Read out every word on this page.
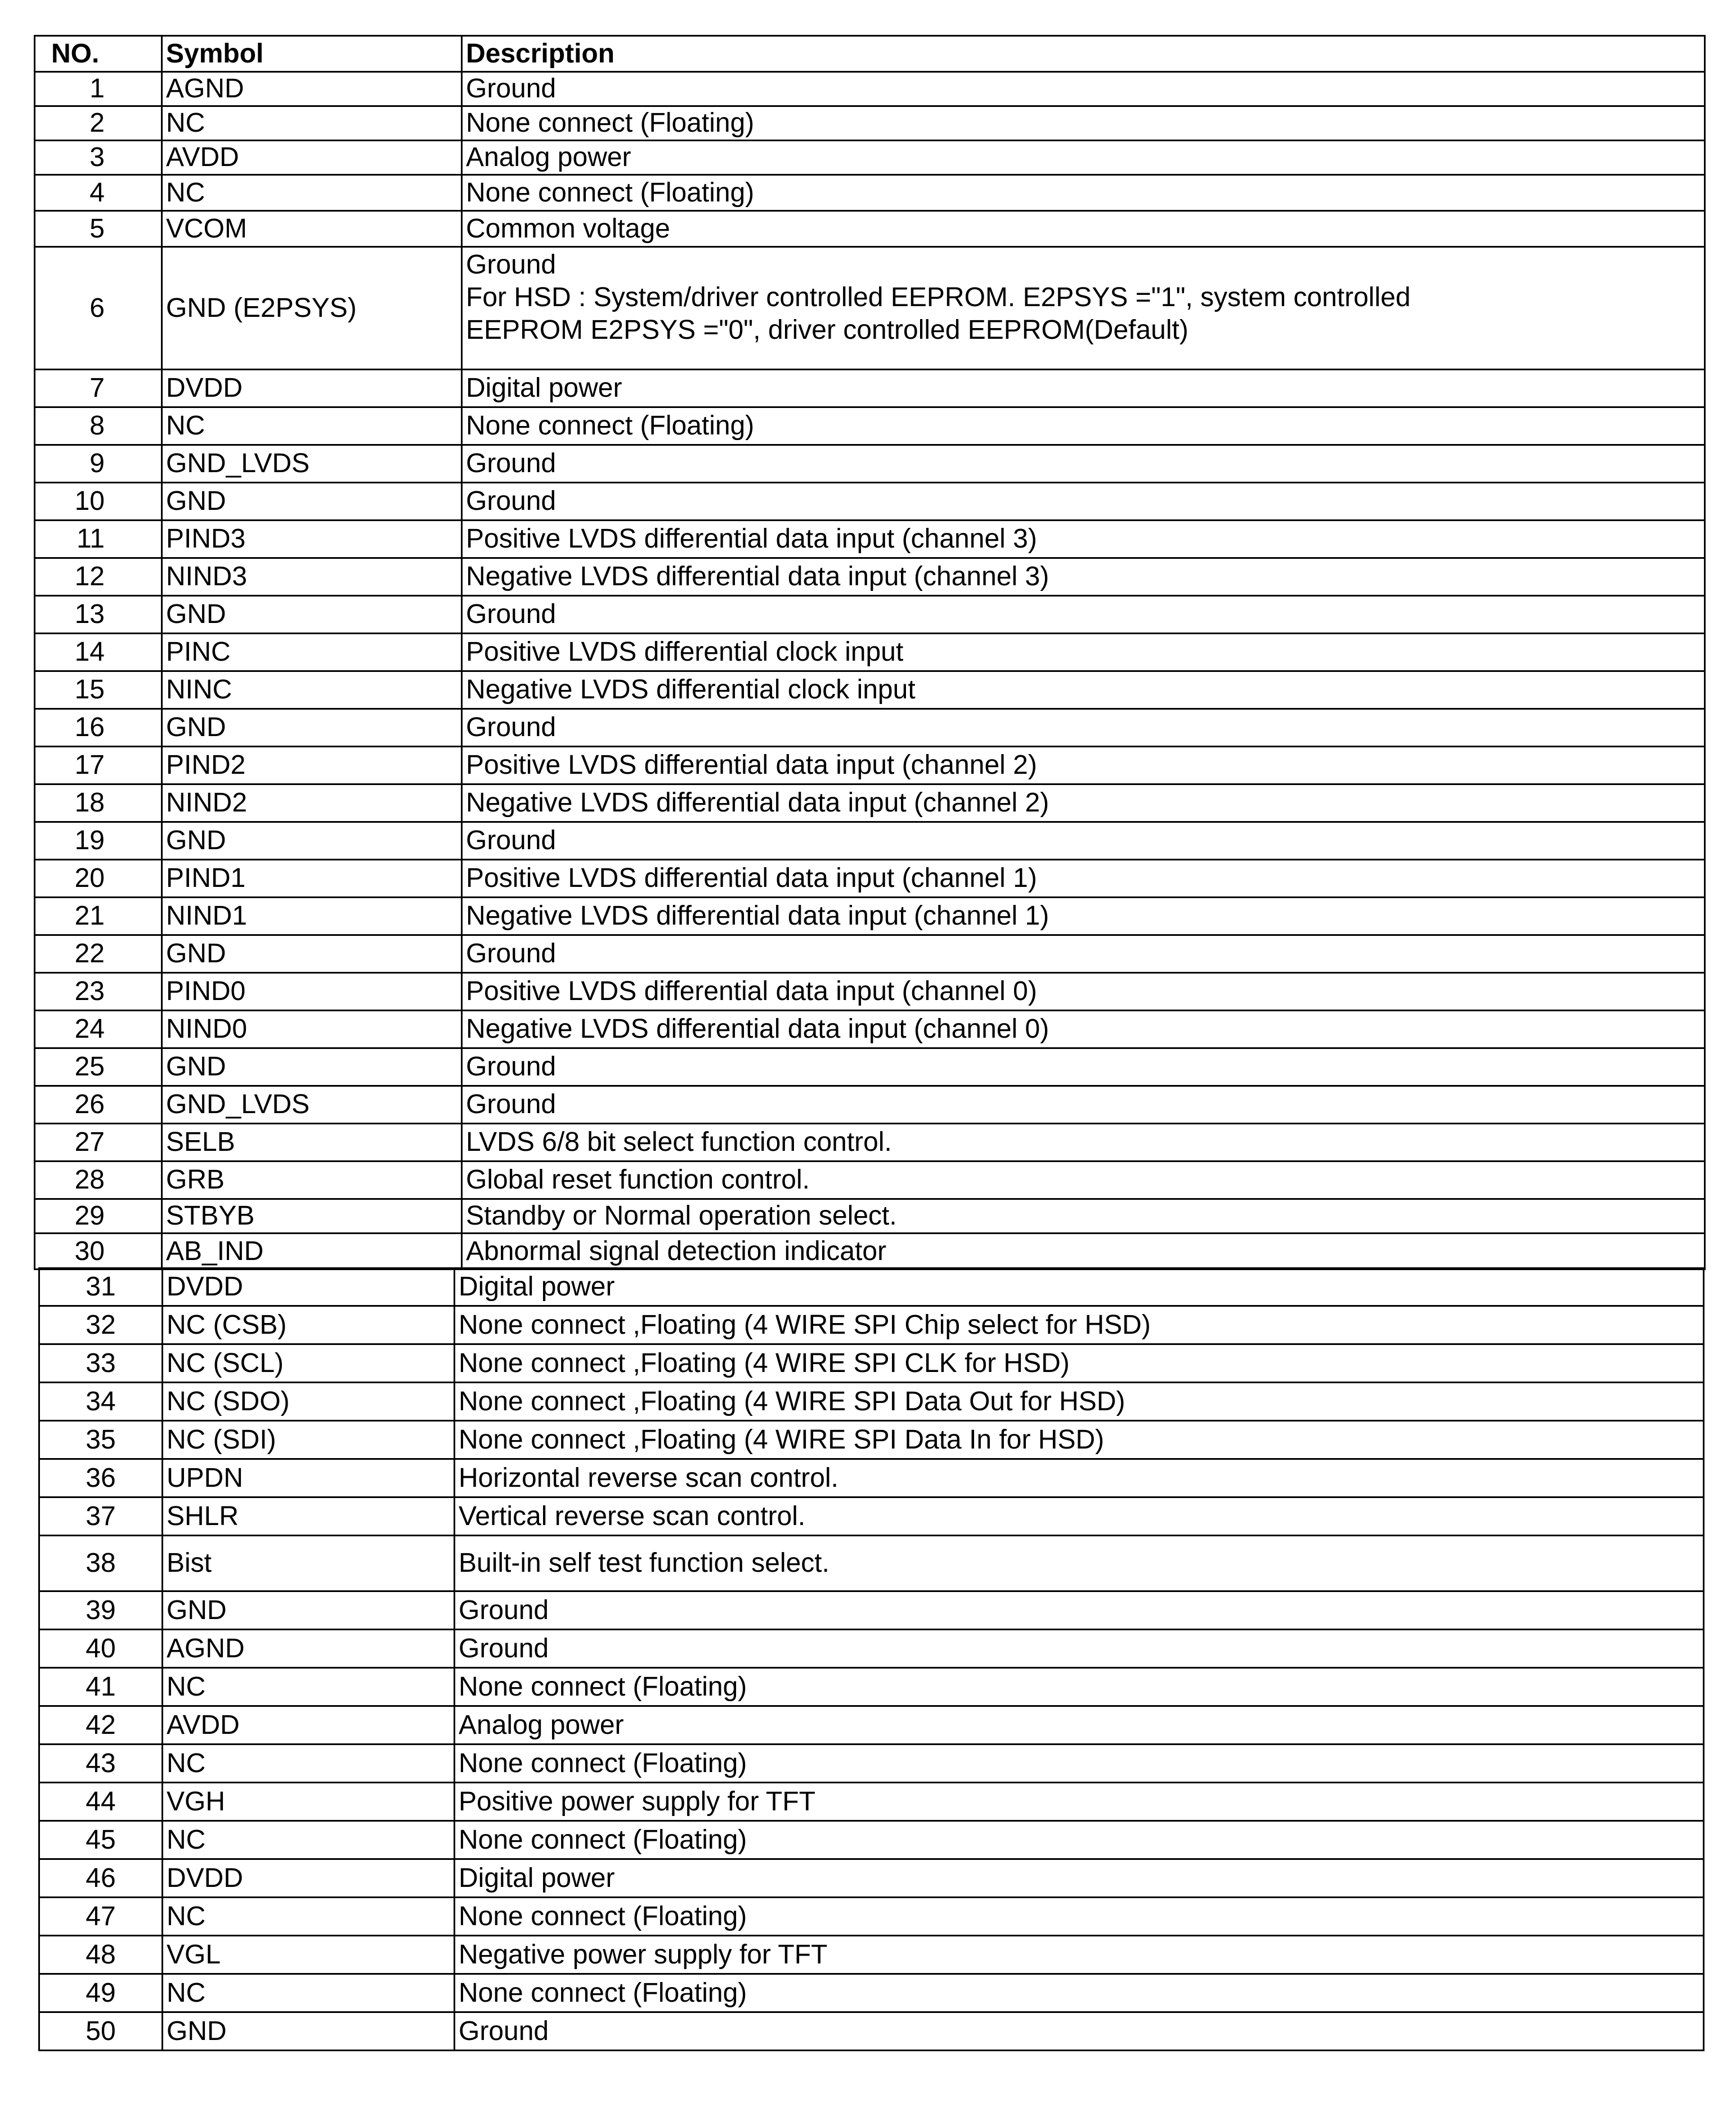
NO.	Symbol	Description
1	AGND	Ground

2	NC	None connect (Floating)

3	AVDD	Analog power

4	NC	None connect (Floating)

5	VCOM	Common voltage

6	GND (E2PSYS)	Ground
For HSD : System/driver controlled EEPROM. E2PSYS ="1", system controlled
EEPROM E2PSYS ="0", driver controlled EEPROM(Default)

7	DVDD	Digital power

8	NC	None connect (Floating)

9	GND_LVDS	Ground

10	GND	Ground

11	PIND3	Positive LVDS differential data input (channel 3)

12	NIND3	Negative LVDS differential data input (channel 3)

13	GND	Ground

14	PINC	Positive LVDS differential clock input

15	NINC	Negative LVDS differential clock input

16	GND	Ground

17	PIND2	Positive LVDS differential data input (channel 2)

18	NIND2	Negative LVDS differential data input (channel 2)

19	GND	Ground

20	PIND1	Positive LVDS differential data input (channel 1)

21	NIND1	Negative LVDS differential data input (channel 1)

22	GND	Ground

23	PIND0	Positive LVDS differential data input (channel 0)

24	NIND0	Negative LVDS differential data input (channel 0)

25	GND	Ground

26	GND_LVDS	Ground

27	SELB	LVDS 6/8 bit select function control.

28	GRB	Global reset function control.

29	STBYB	Standby or Normal operation select.

30	AB_IND	Abnormal signal detection indicator
31	DVDD	Digital power

32	NC (CSB)	None connect ,Floating (4 WIRE SPI Chip select for HSD)

33	NC (SCL)	None connect ,Floating (4 WIRE SPI CLK for HSD)

34	NC (SDO)	None connect ,Floating (4 WIRE SPI Data Out for HSD)

35	NC (SDI)	None connect ,Floating (4 WIRE SPI Data In for HSD)

36	UPDN	Horizontal reverse scan control.

37	SHLR	Vertical reverse scan control.

38	Bist	Built-in self test function select.

39	GND	Ground

40	AGND	Ground

41	NC	None connect (Floating)

42	AVDD	Analog power

43	NC	None connect (Floating)

44	VGH	Positive power supply for TFT

45	NC	None connect (Floating)

46	DVDD	Digital power

47	NC	None connect (Floating)

48	VGL	Negative power supply for TFT

49	NC	None connect (Floating)

50	GND	Ground
